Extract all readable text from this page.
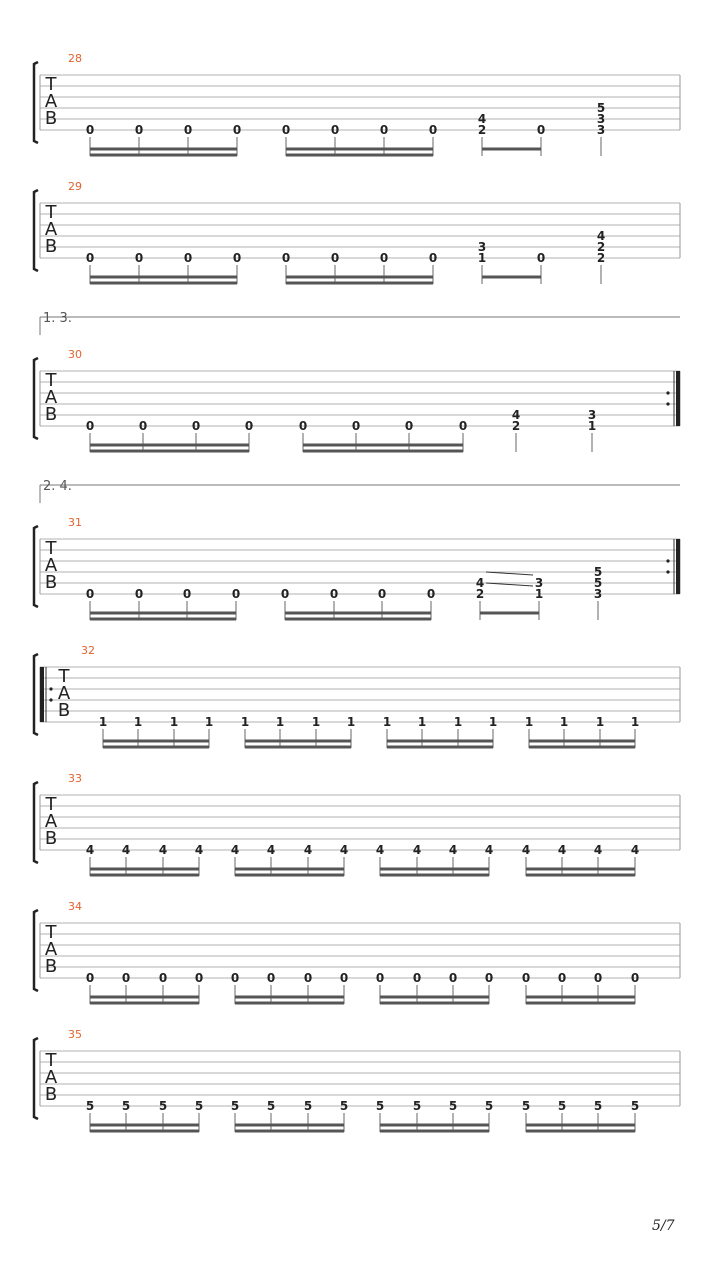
T
A
B
28
0	0	0	0	0	0	0	0
4
2	0
5
3
3
T
A
B
29
0	0	0	0	0	0	0	0
3
1	0
4
2
2
T
A
B
30
1. 3.
0	0	0	0	0	0	0	0
4
2
3
1
T
A
B
31
2. 4.
0	0	0	0	0	0	0	0
4
2
3
1
5
5
3
T
A
B
32
1 1 1 1 1 1 1 1 1 1 1 1 1 1 1 1
T
A
B
33
4 4 4 4 4 4 4 4 4 4 4 4 4 4 4 4
T
A
B
34
0 0 0 0 0 0 0 0 0 0 0 0 0 0 0 0
T
A
B
35
5 5 5 5 5 5 5 5 5 5 5 5 5 5 5 5
5/7
